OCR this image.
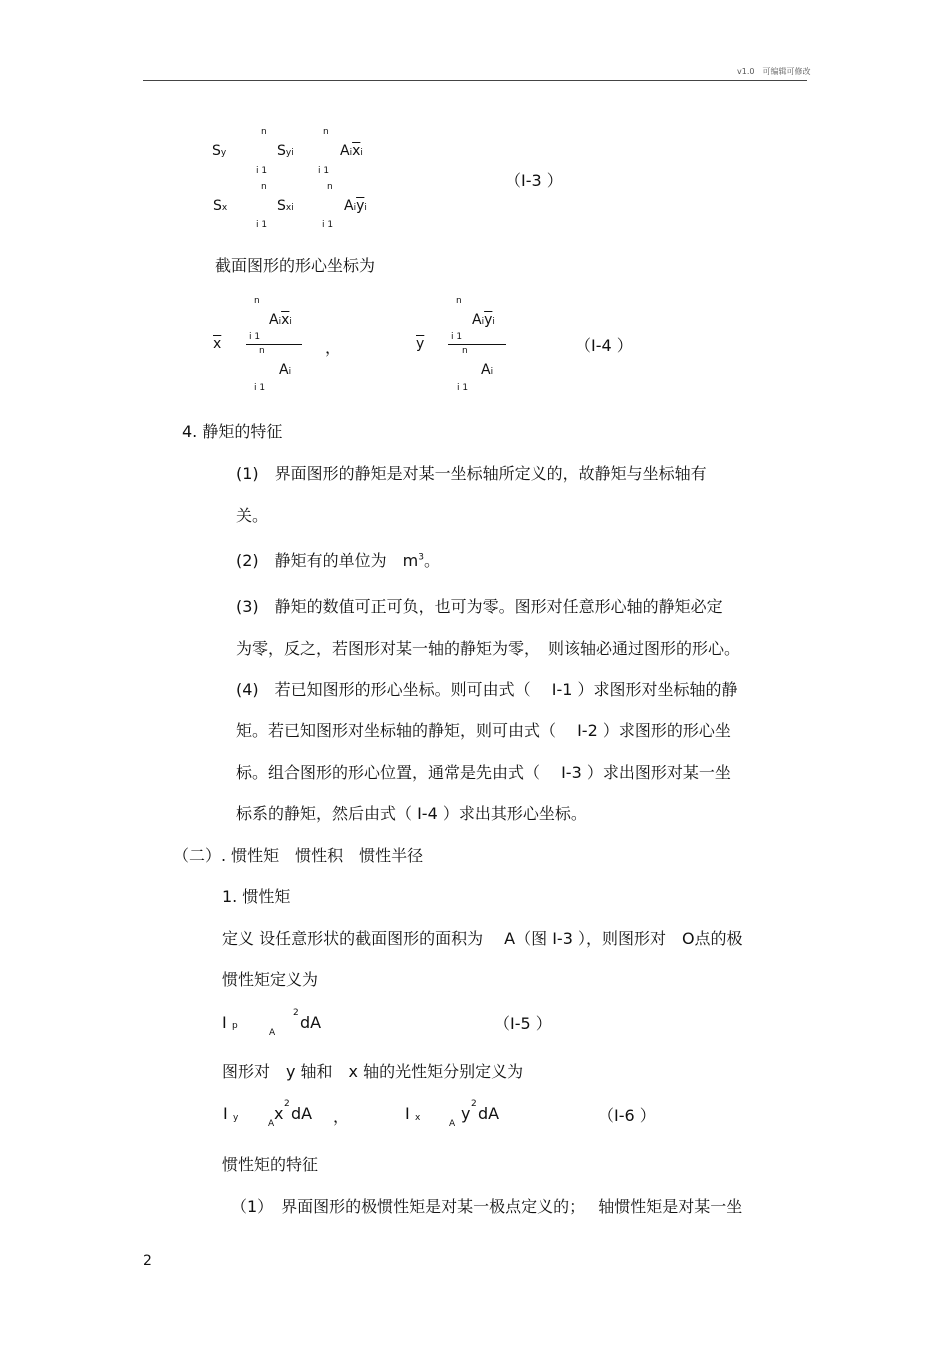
v1.0　可编辑可修改
n	n
Sy	Syi	$Ai\overline{x}i$
i 1	i 1	（I-3 ）
n	n
Sx	Sxi	$Ai\overline{y}i$
i 1	i 1
截面图形的形心坐标为
n
$Ai\overline{x}i$
i 1
$\overline{x}$	n
Ai
i 1
，
n
$Ai\overline{y}i$
i 1
$\overline{y}$	n
Ai
i 1
（I-4 ）
4. 静矩的特征
(1)　界面图形的静矩是对某一坐标轴所定义的，故静矩与坐标轴有
关。
(2)　静矩有的单位为　$m^3$。
(3)　静矩的数值可正可负，也可为零。图形对任意形心轴的静矩必定
为零，反之，若图形对某一轴的静矩为零，　则该轴必通过图形的形心。
(4)　若已知图形的形心坐标。则可由式（　 I-1 ）求图形对坐标轴的静
矩。若已知图形对坐标轴的静矩，则可由式（　 I-2 ）求图形的形心坐
标。组合图形的形心位置，通常是先由式（　 I-3 ）求出图形对某一坐
标系的静矩，然后由式（ I-4 ）求出其形心坐标。
（二）. 惯性矩　惯性积　惯性半径
1. 惯性矩
定义 设任意形状的截面图形的面积为　 A（图 I-3 ），则图形对　O点的极
惯性矩定义为
I p
A
2 dA	（I-5 ）
图形对　y 轴和　x 轴的光性矩分别定义为
I y
A
x 2 dA ，	I x
A
y 2 dA	（I-6 ）
惯性矩的特征
（1）　界面图形的极惯性矩是对某一极点定义的；　 轴惯性矩是对某一坐
2
